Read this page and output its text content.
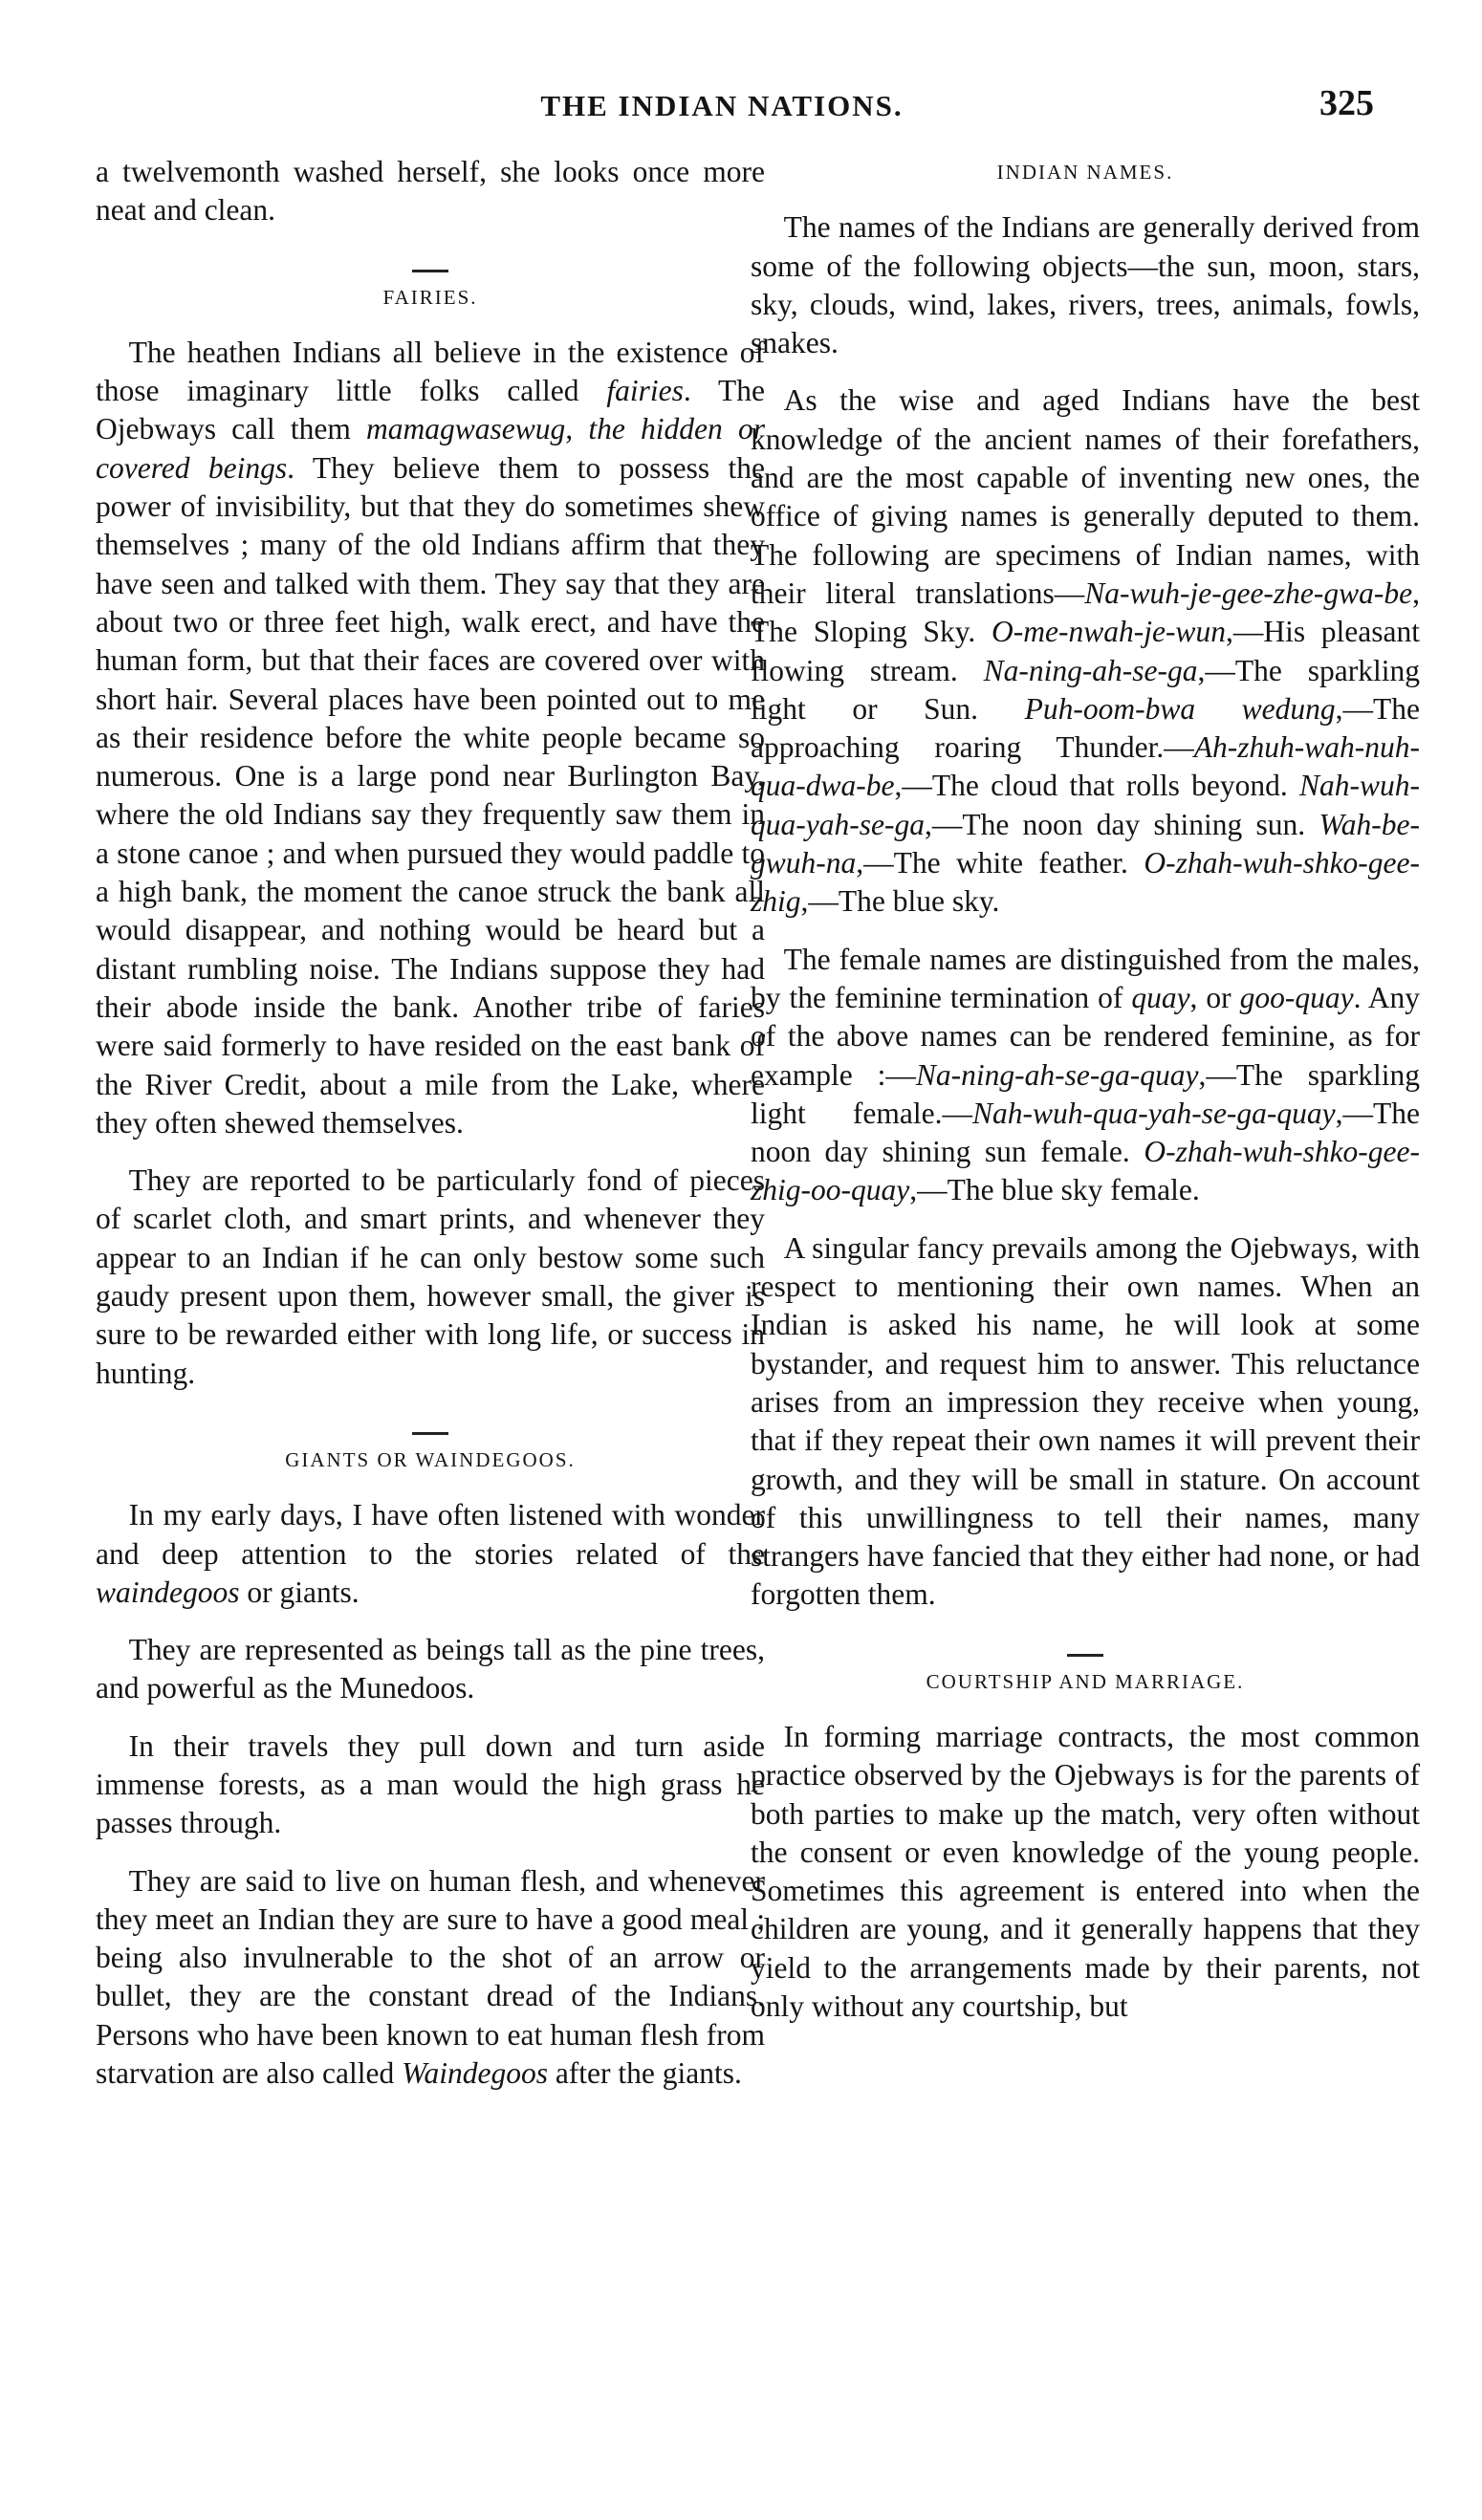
THE INDIAN NATIONS.	325

a twelvemonth washed herself, she looks once more neat and clean.

FAIRIES.

The heathen Indians all believe in the existence of those imaginary little folks called fairies. The Ojebways call them mamagwasewug, the hidden or covered beings. They believe them to possess the power of invisibility, but that they do sometimes shew themselves ; many of the old Indians affirm that they have seen and talked with them. They say that they are about two or three feet high, walk erect, and have the human form, but that their faces are covered over with short hair. Several places have been pointed out to me as their residence before the white people became so numerous. One is a large pond near Burlington Bay, where the old Indians say they frequently saw them in a stone canoe ; and when pursued they would paddle to a high bank, the moment the canoe struck the bank all would disappear, and nothing would be heard but a distant rumbling noise. The Indians suppose they had their abode inside the bank. Another tribe of faries were said formerly to have resided on the east bank of the River Credit, about a mile from the Lake, where they often shewed themselves.

They are reported to be particularly fond of pieces of scarlet cloth, and smart prints, and whenever they appear to an Indian if he can only bestow some such gaudy present upon them, however small, the giver is sure to be rewarded either with long life, or success in hunting.

GIANTS OR WAINDEGOOS.

In my early days, I have often listened with wonder and deep attention to the stories related of the waindegoos or giants.

They are represented as beings tall as the pine trees, and powerful as the Munedoos.

In their travels they pull down and turn aside immense forests, as a man would the high grass he passes through.

They are said to live on human flesh, and whenever they meet an Indian they are sure to have a good meal ; being also invulnerable to the shot of an arrow or bullet, they are the constant dread of the Indians. Persons who have been known to eat human flesh from starvation are also called Waindegoos after the giants.

INDIAN NAMES.

The names of the Indians are generally derived from some of the following objects—the sun, moon, stars, sky, clouds, wind, lakes, rivers, trees, animals, fowls, snakes.

As the wise and aged Indians have the best knowledge of the ancient names of their forefathers, and are the most capable of inventing new ones, the office of giving names is generally deputed to them. The following are specimens of Indian names, with their literal translations—Na-wuh-je-gee-zhe-gwa-be, The Sloping Sky. O-me-nwah-je-wun,—His pleasant flowing stream. Na-ning-ah-se-ga,—The sparkling light or Sun. Puh-oom-bwa wedung,—The approaching roaring Thunder.—Ah-zhuh-wah-nuh-qua-dwa-be,—The cloud that rolls beyond. Nah-wuh-qua-yah-se-ga,—The noon day shining sun. Wah-be-gwuh-na,—The white feather. O-zhah-wuh-shko-gee-zhig,—The blue sky.

The female names are distinguished from the males, by the feminine termination of quay, or goo-quay. Any of the above names can be rendered feminine, as for example :—Na-ning-ah-se-ga-quay,—The sparkling light female.—Nah-wuh-qua-yah-se-ga-quay,—The noon day shining sun female. O-zhah-wuh-shko-gee-zhig-oo-quay,—The blue sky female.

A singular fancy prevails among the Ojebways, with respect to mentioning their own names. When an Indian is asked his name, he will look at some bystander, and request him to answer. This reluctance arises from an impression they receive when young, that if they repeat their own names it will prevent their growth, and they will be small in stature. On account of this unwillingness to tell their names, many strangers have fancied that they either had none, or had forgotten them.

COURTSHIP AND MARRIAGE.

In forming marriage contracts, the most common practice observed by the Ojebways is for the parents of both parties to make up the match, very often without the consent or even knowledge of the young people. Sometimes this agreement is entered into when the children are young, and it generally happens that they yield to the arrangements made by their parents, not only without any courtship, but
